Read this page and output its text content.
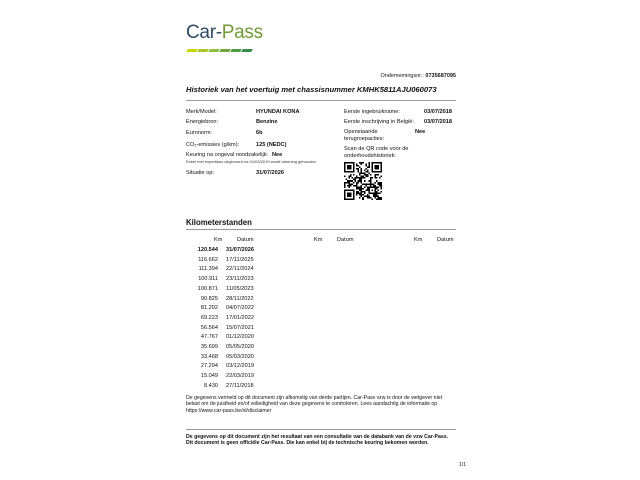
Car-Pass
Ondememingsnr.: 0735687095
Historiek van het voertuig met chassisnummer KMHK5811AJU060073
Merk/Model:	HYUNDAI KONA
Energiebron:	Benzine
Euronorm:	6b
CO₂-emissies (g/km):	125 (NEDC)
Keuring na ongeval noodzakelijk: Nee
Enkel met expertises uitgevoerd na 01/03/2019 wordt rekening gehouden.
Situatie op:	31/07/2026
Eerste ingebruikname:	03/07/2018
Eerste inschrijving in België: 03/07/2018
Openstaande
terugroepacties:
Nee
Scan de QR code voor de
onderhoudshistoriek:
Kilometerstanden
Km	Datum	Km	Datum	Km	Datum
120.544 31/07/2026
116.662 17/11/2025
111.394 22/11/2024
100.911 23/11/2023
100.871 11/05/2023
90.825 28/11/2022
81.202 04/07/2022
69.223 17/01/2022
56.564 15/07/2021
47.767 01/12/2020
35.699 05/05/2020
33.468 05/03/2020
27.294 03/12/2019
15.049 22/03/2019
8.430 27/11/2018
De gegevens vermeld op dit document zijn afkomstig van derde partijen. Car-Pass vzw is door de wetgever niet
belast om de juistheid en/of volledigheid van deze gegevens te controleren. Lees aandachtig de informatie op
https://www.car-pass.be/nl/disclaimer
De gegevens op dit document zijn het resultaat van een consultatie van de databank van de vzw Car-Pass.
Dit document is geen officiële Car-Pass. Die kan enkel bij de technische keuring bekomen worden.
1/1
